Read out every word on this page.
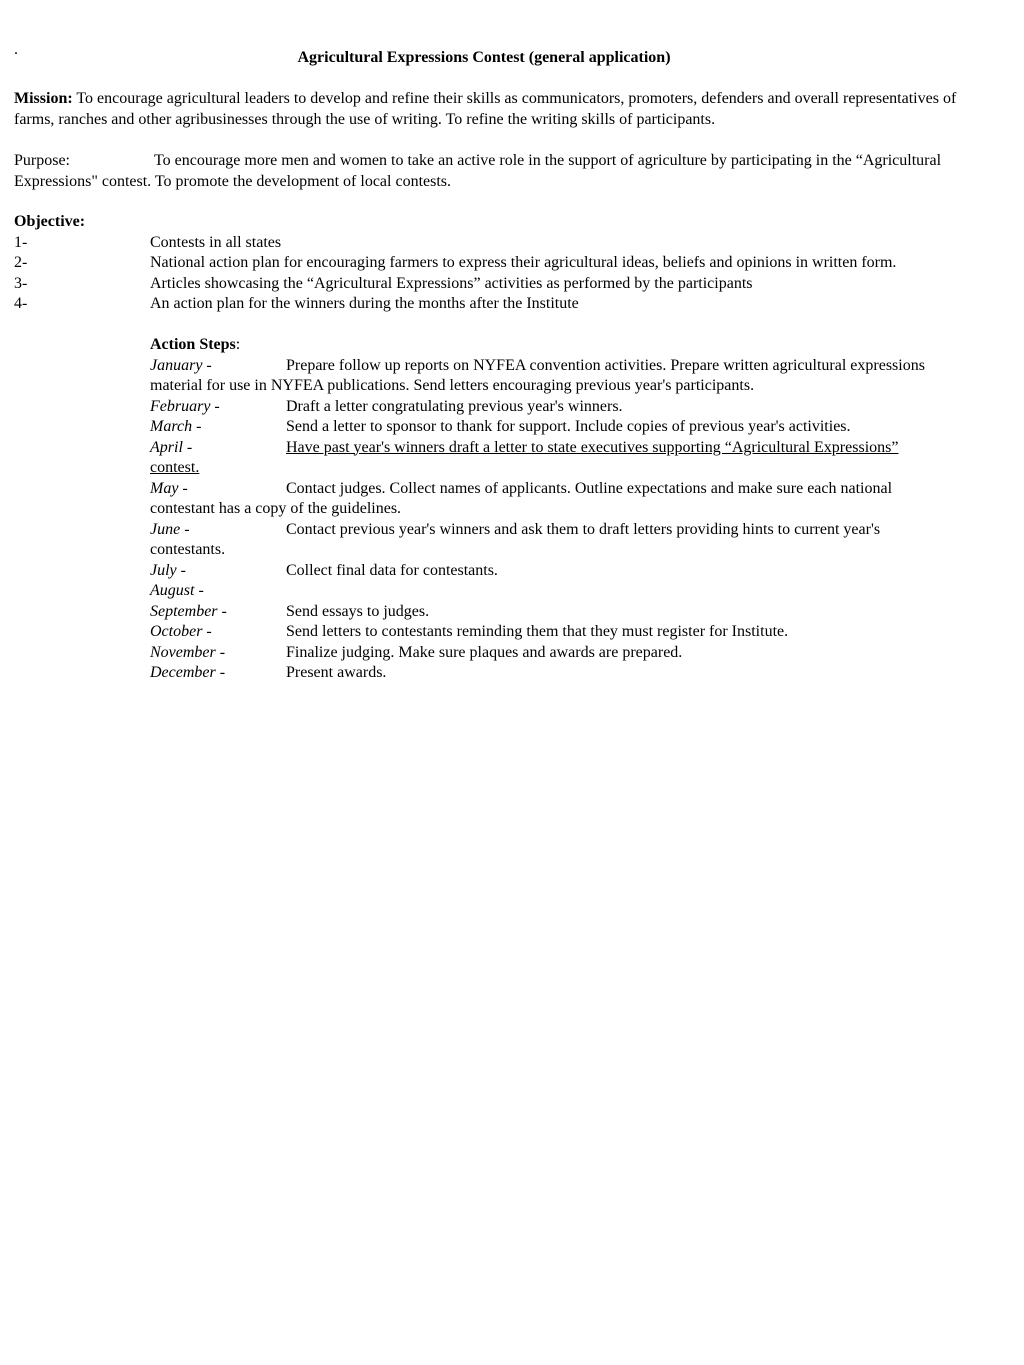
.	Agricultural Expressions Contest (general application)
Mission: To encourage agricultural leaders to develop and refine their skills as communicators, promoters, defenders and overall representatives of farms, ranches and other agribusinesses through the use of writing. To refine the writing skills of participants.
Purpose:	To encourage more men and women to take an active role in the support of agriculture by participating in the “Agricultural Expressions" contest. To promote the development of local contests.
Objective:
1-	Contests in all states
2-	National action plan for encouraging farmers to express their agricultural ideas, beliefs and opinions in written form.
3-	Articles showcasing the “Agricultural Expressions” activities as performed by the participants
4-	An action plan for the winners during the months after the Institute
Action Steps:

January -	Prepare follow up reports on NYFEA convention activities. Prepare written agricultural expressions material for use in NYFEA publications. Send letters encouraging previous year's participants.

February -	Draft a letter congratulating previous year's winners.

March -	Send a letter to sponsor to thank for support. Include copies of previous year's activities.

April -	Have past year's winners draft a letter to state executives supporting “Agricultural Expressions” contest.

May -	Contact judges. Collect names of applicants. Outline expectations and make sure each national contestant has a copy of the guidelines.

June -	Contact previous year's winners and ask them to draft letters providing hints to current year's contestants.

July -	Collect final data for contestants.

August -

September -	Send essays to judges.

October -	Send letters to contestants reminding them that they must register for Institute.

November -	Finalize judging. Make sure plaques and awards are prepared.

December -	Present awards.
